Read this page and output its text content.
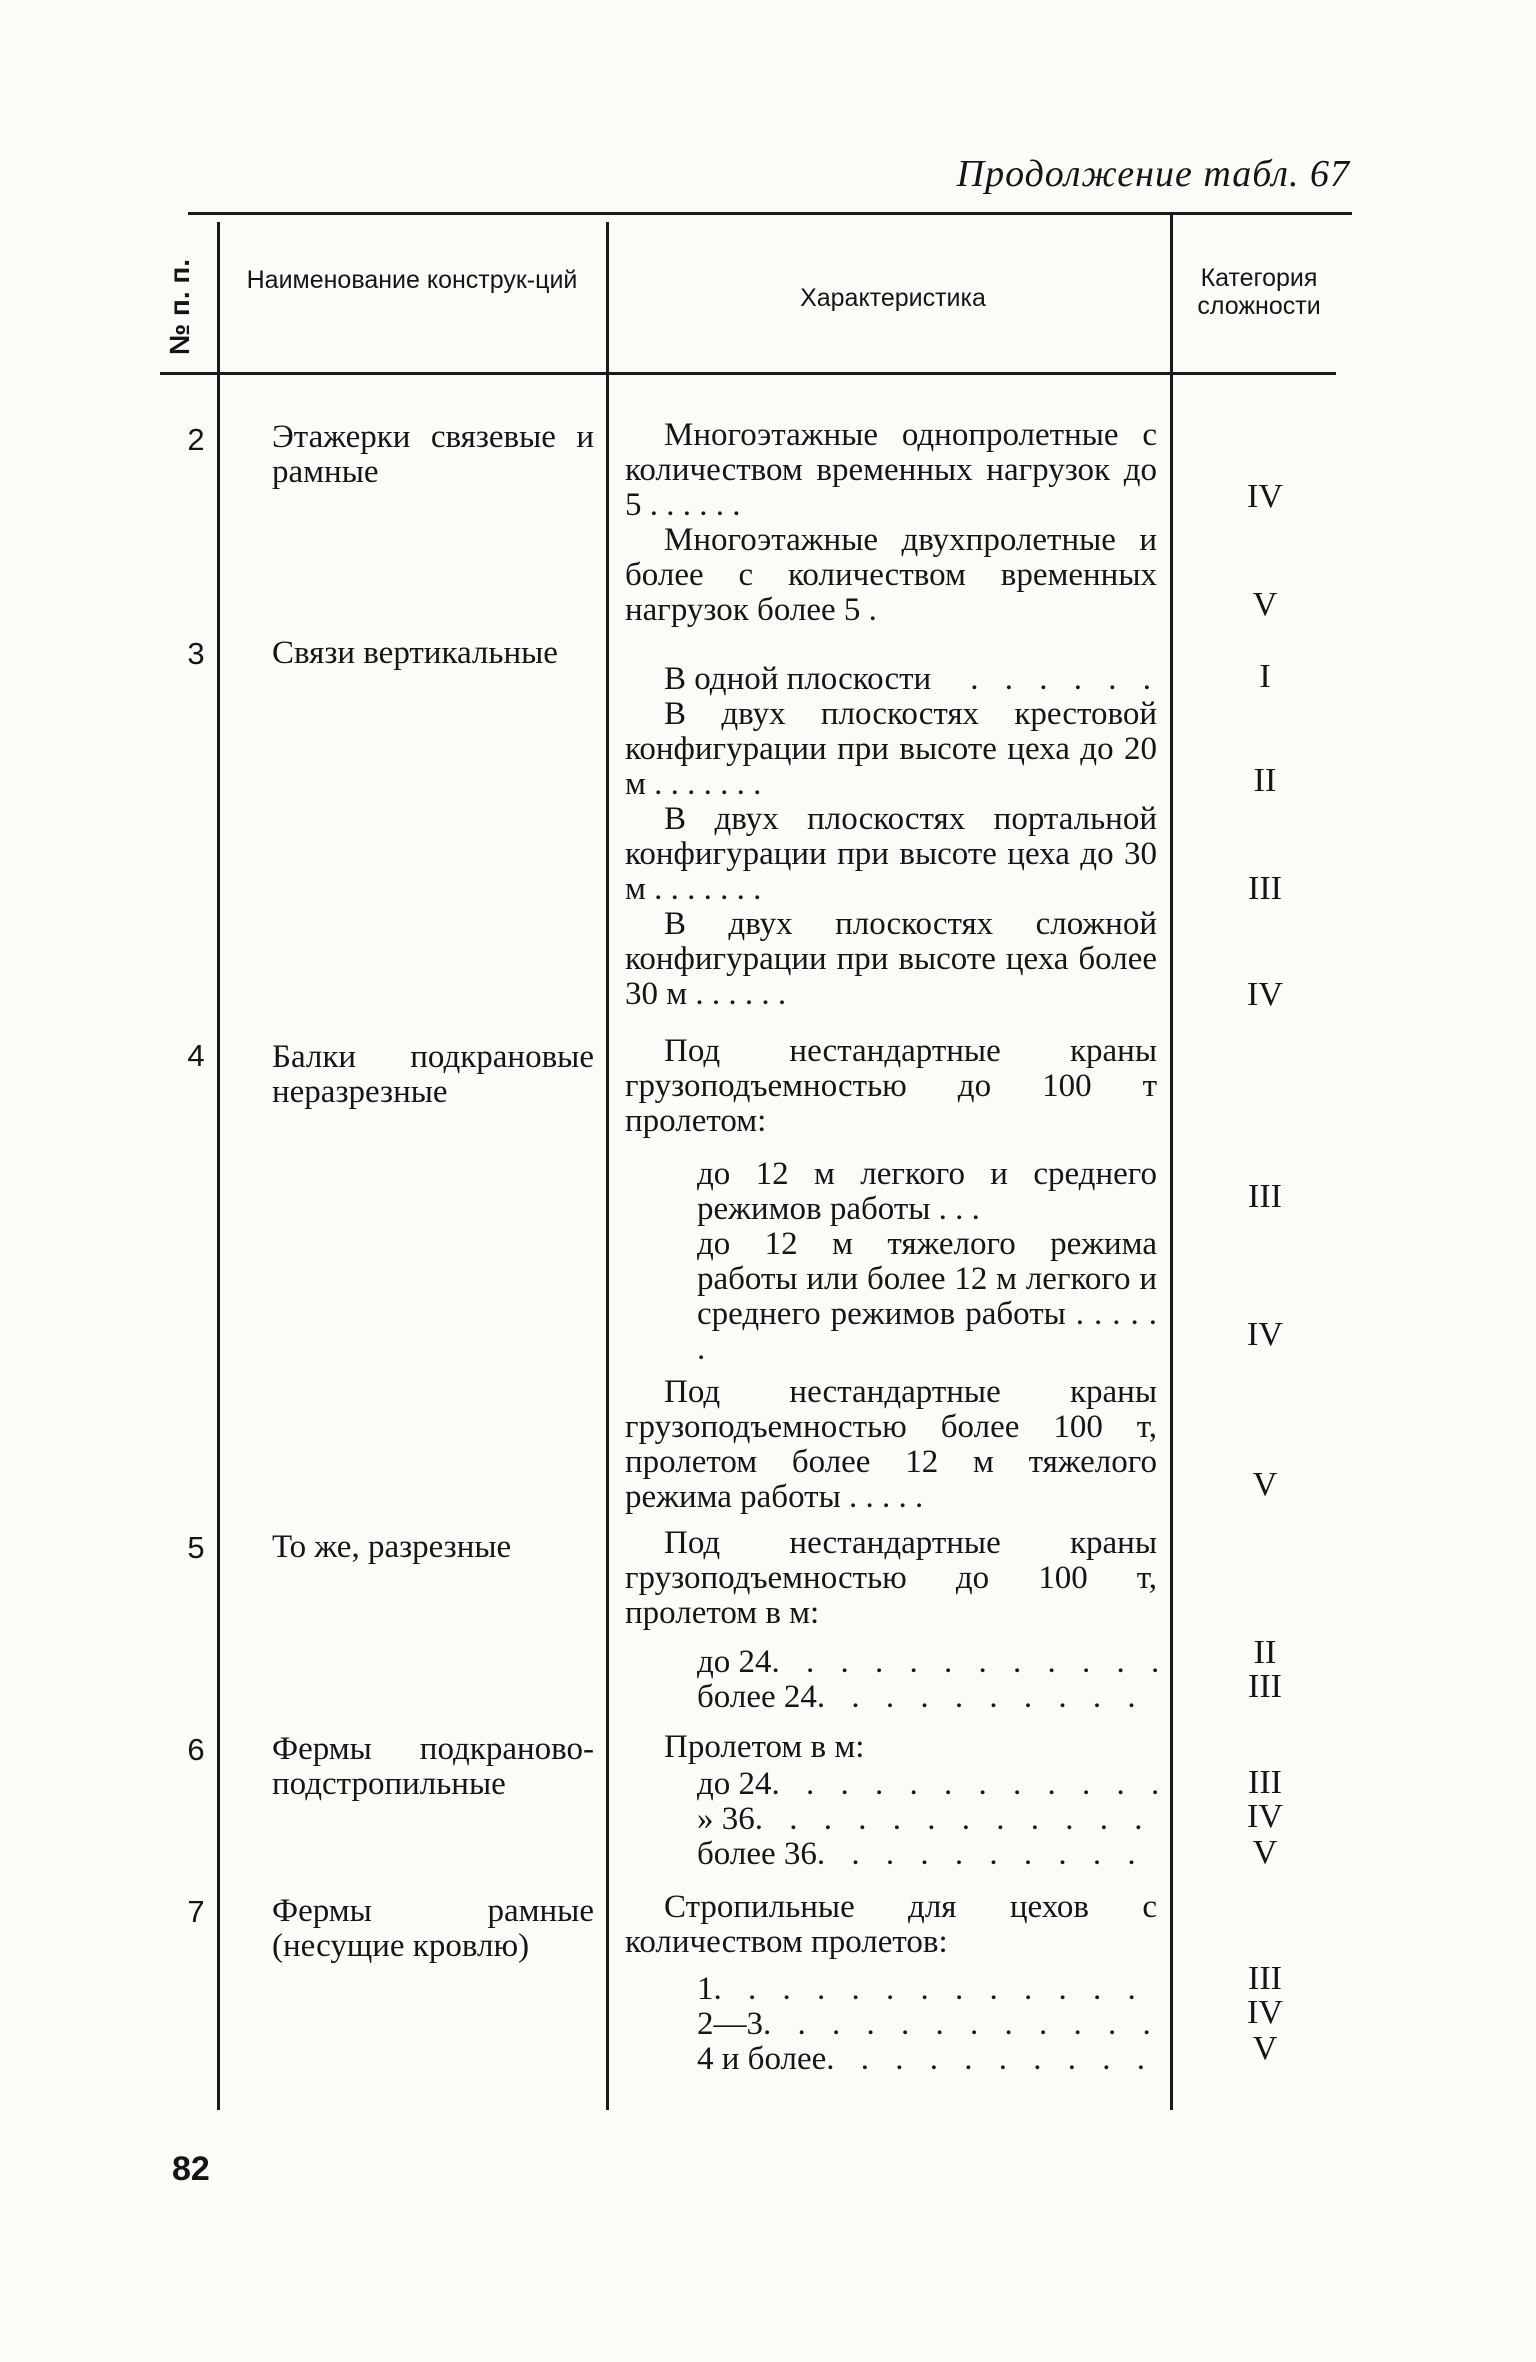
Продолжение табл. 67
№ п. п.	Наименование конструк-ций
Характеристика
Категория сложности
2 Этажерки связевые и рамные

Многоэтажные однопролетные с количеством временных нагрузок до 5 . . . . . .

Многоэтажные двухпролетные и более с количеством временных нагрузок более 5 .

IV
V
3 Связи вертикальные

В одной плоскости
. . .

В двух плоскостях крестовой конфигурации при высоте цеха до 20 м . . . . . . .

В двух плоскостях портальной конфигурации при высоте цеха до 30 м . . . . . . .

В двух плоскостях сложной конфигурации при высоте цеха более 30 м . . . . . .

I
II
III
IV
4 Балки подкрановые неразрезные

Под нестандартные краны грузоподъемностью до 100 т пролетом:

до 12 м легкого и среднего режимов работы . . .

до 12 м тяжелого режима работы или более 12 м легкого и среднего режимов работы . . . . . .

Под нестандартные краны грузоподъемностью более 100 т, пролетом более 12 м тяжелого режима работы . . . . .

III
IV
V
5 То же, разрезные	Под нестандартные краны грузоподъемностью до 100 т, пролетом в м:

до 24
. . .

более 24
. . .

II
III
6 Фермы подкраново-подстропильные

Пролетом в м:

до 24
. . .

» 36
. . .

более 36
. . .

III
IV
V
7 Фермы рамные (несущие кровлю)

Стропильные для цехов с количеством пролетов:

1
. . .

2—3
. . .

4 и более
. . .

III
IV
V
82
